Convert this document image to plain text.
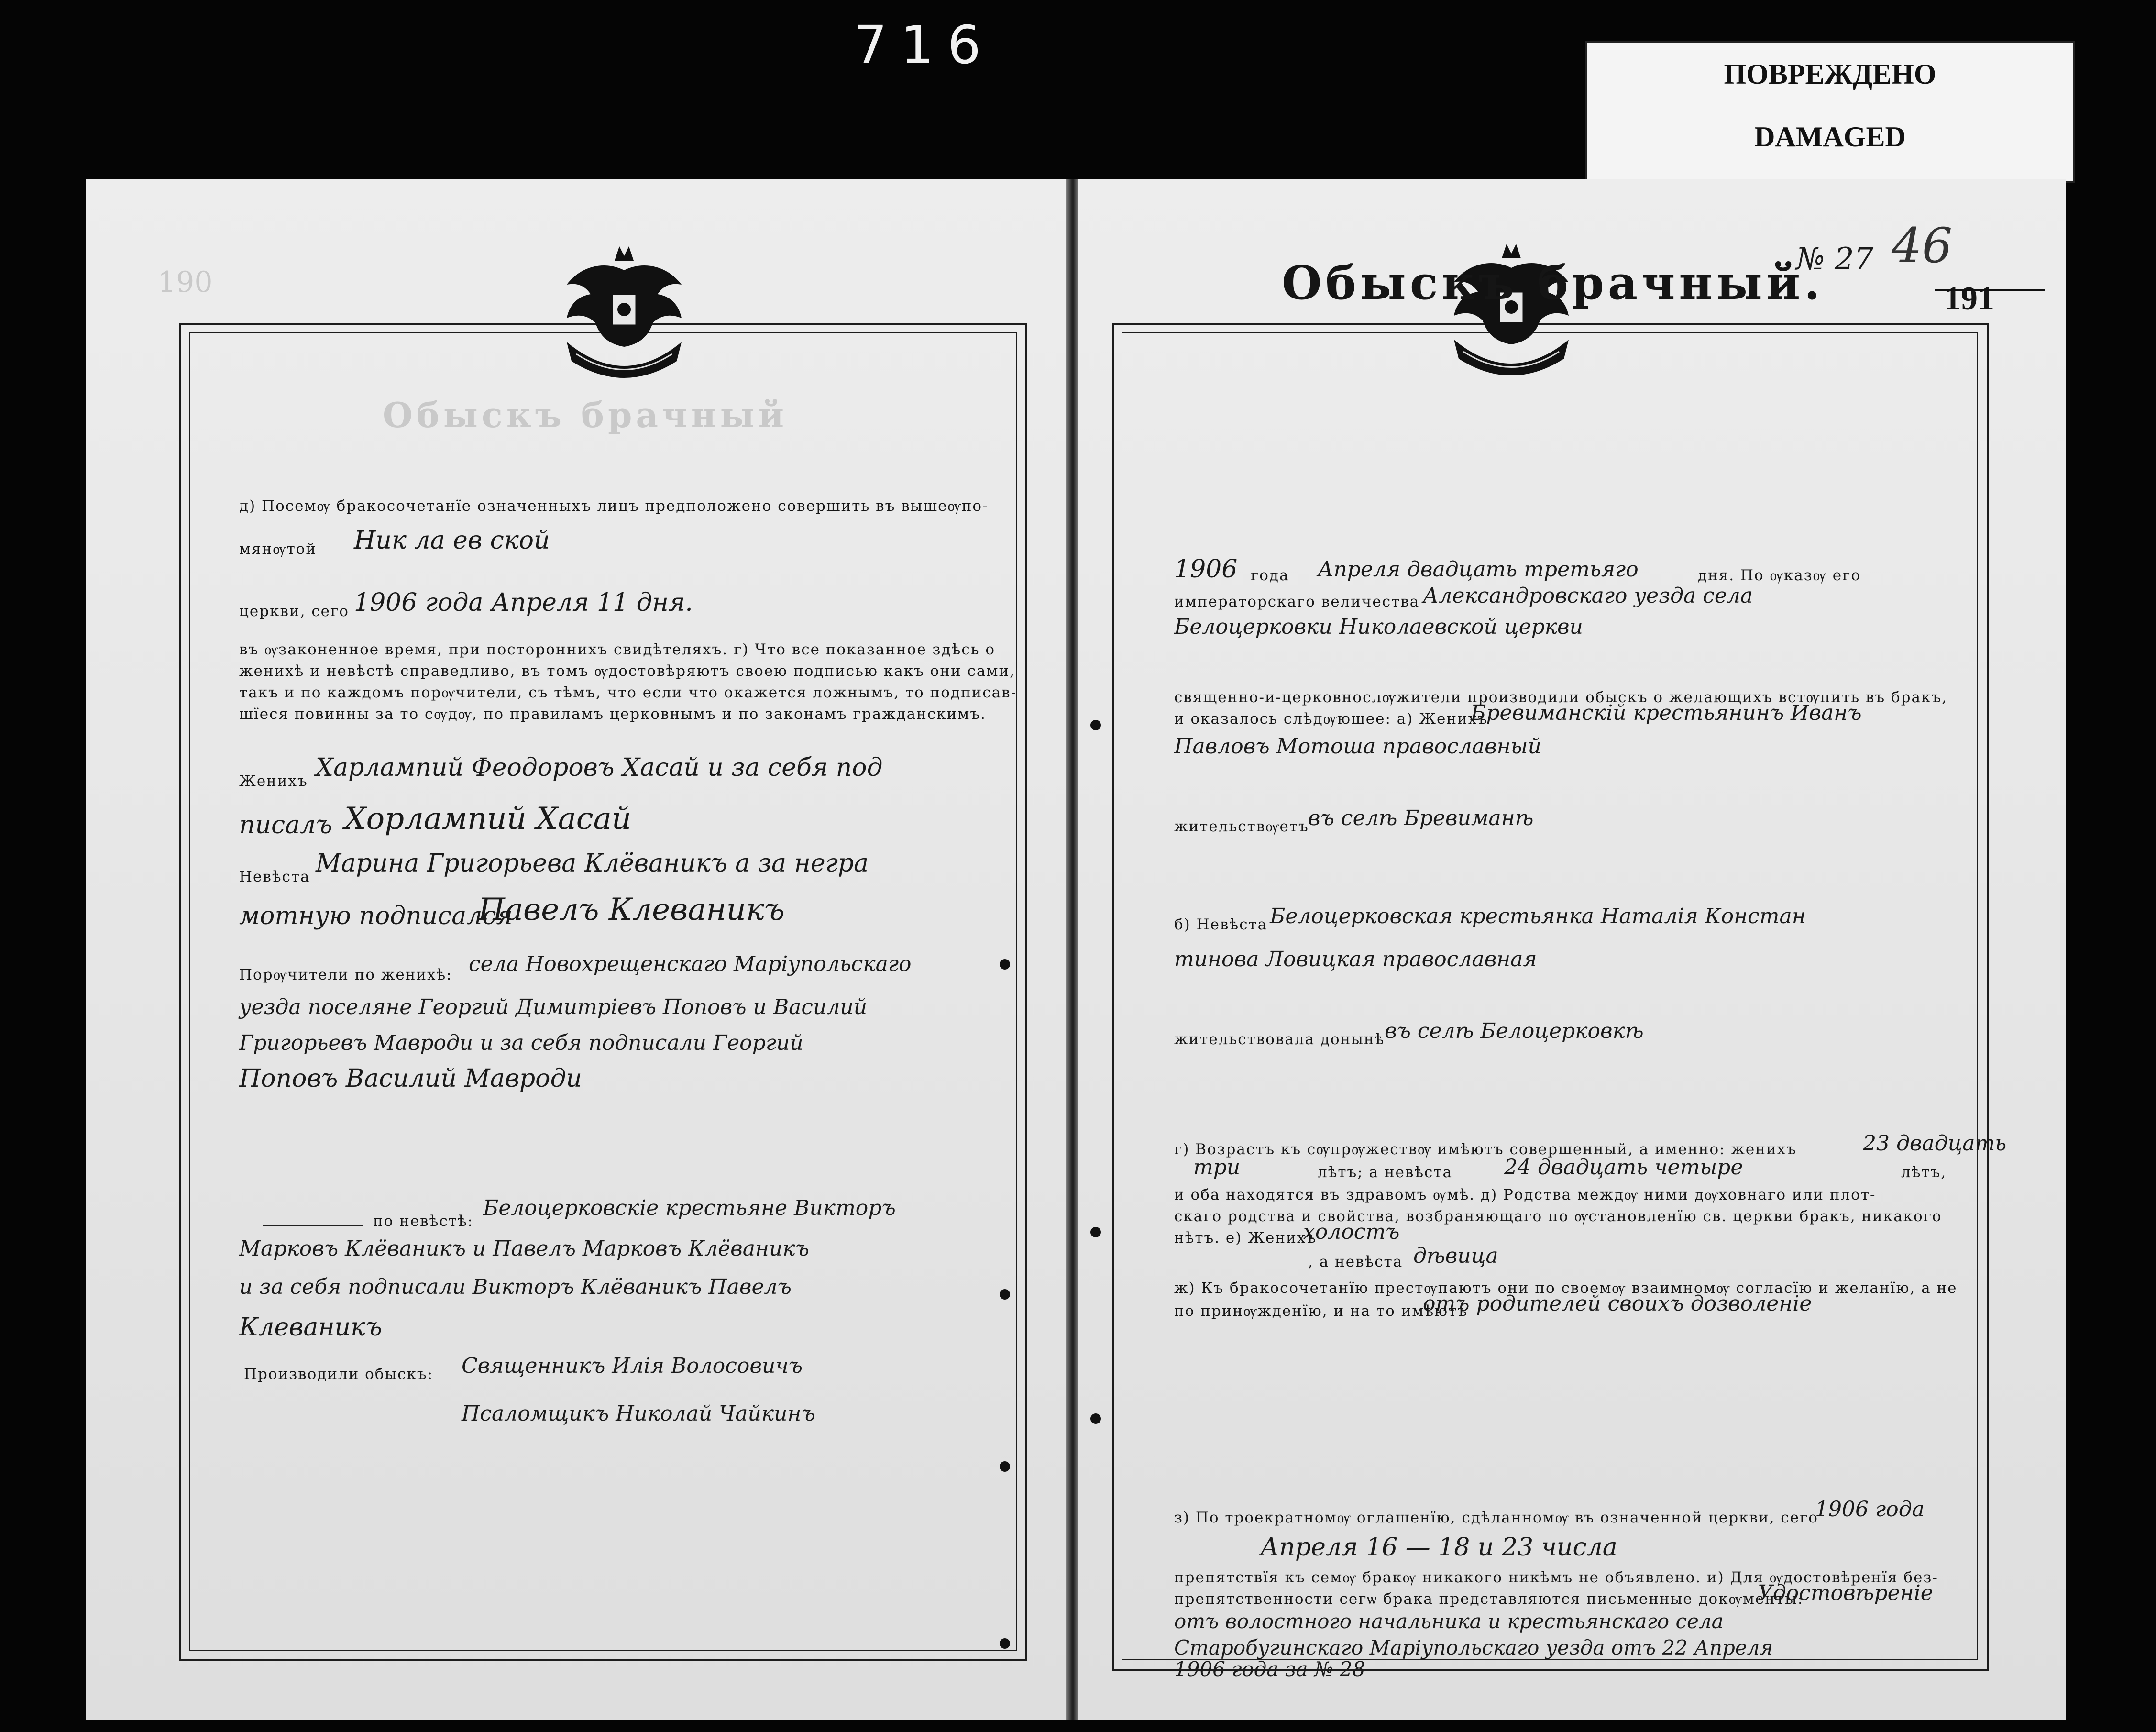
716	ПОВРЕЖДЕНО
DAMAGED
190
Обыскъ брачный
д) Посемѹ бракосочетанїе означенныхъ лицъ предположено совершить въ вышеѹпо-
мянѹтой Ник ла ев ской
церкви, сего 1906 года Апреля 11 дня.
въ ѹзаконенное время, при постороннихъ свидѣтеляхъ. г) Что все показанное здѣсь о
женихѣ и невѣстѣ справедливо, въ томъ ѹдостовѣряютъ своею подписью какъ они сами,
такъ и по каждомъ порѹчители, съ тѣмъ, что если что окажется ложнымъ, то подписав-
шїеся повинны за то сѹдѹ, по правиламъ церковнымъ и по законамъ гражданскимъ.
Женихъ Харлампий Феодоровъ Хасай и за себя под
писалъ Хорлампий Хасай
Невѣста Марина Григорьева Клёваникъ а за негра
мотную подписался
Павелъ Клеваникъ
Порѹчители по женихѣ: села Новохрещенскаго Маріупольскаго
уезда поселяне Георгий Димитріевъ Поповъ и Василий
Григорьевъ Мавроди и за себя подписали Георгий
Поповъ Василий Мавроди
по невѣстѣ:
Белоцерковскіе крестьяне Викторъ
Марковъ Клёваникъ и Павелъ Марковъ Клёваникъ
и за себя подписали Викторъ Клёваникъ Павелъ
Клеваникъ
Производили обыскъ: Священникъ Илія Волосовичъ
Псаломщикъ Николай Чайкинъ
46
191
Обыскъ брачный.
№ 27
1906 года Апреля двадцать третьяго	дня. По ѹказѹ его
императорскаго величества Александровскаго уезда села
Белоцерковки Николаевской церкви
священно-и-церковнослѹжители производили обыскъ о желающихъ встѹпить въ бракъ,
и оказалось слѣдѹющее: а) Женихъ
Бревиманскій крестьянинъ Иванъ
Павловъ Мотоша православный
жительствѹетъ
въ селѣ Бревиманѣ
б) Невѣста Белоцерковская крестьянка Наталія Констан
тинова Ловицкая православная
жительствовала донынѣ въ селѣ Белоцерковкѣ
г) Возрастъ къ сѹпрѹжествѹ имѣютъ совершенный, а именно: женихъ	23 двадцать
три	лѣтъ; а невѣста 24 двадцать четыре	лѣтъ,
и оба находятся въ здравомъ ѹмѣ. д) Родства междѹ ними дѹховнаго или плот-
скаго родства и свойства, возбраняющаго по ѹстановленїю св. церкви бракъ, никакого
нѣтъ. е) Женихъ
холостъ
, а невѣста дѣвица
ж) Къ бракосочетанїю престѹпаютъ они по своемѹ взаимномѹ согласїю и желанїю, а не
по принѹжденїю, и на то имѣютъ
отъ родителей своихъ дозволеніе
з) По троекратномѹ оглашенїю, сдѣланномѹ въ означенной церкви, сего
1906 года
Апреля 16 — 18 и 23 числа
препятствїя къ семѹ бракѹ никакого никѣмъ не объявлено. и) Для ѹдостовѣренїя без-
препятственности сегѡ брака представляются письменные докѹменты:
Удостовѣреніе
отъ волостного начальника и крестьянскаго села
Старобугинскаго Маріупольскаго уезда отъ 22 Апреля
1906 года за № 28
